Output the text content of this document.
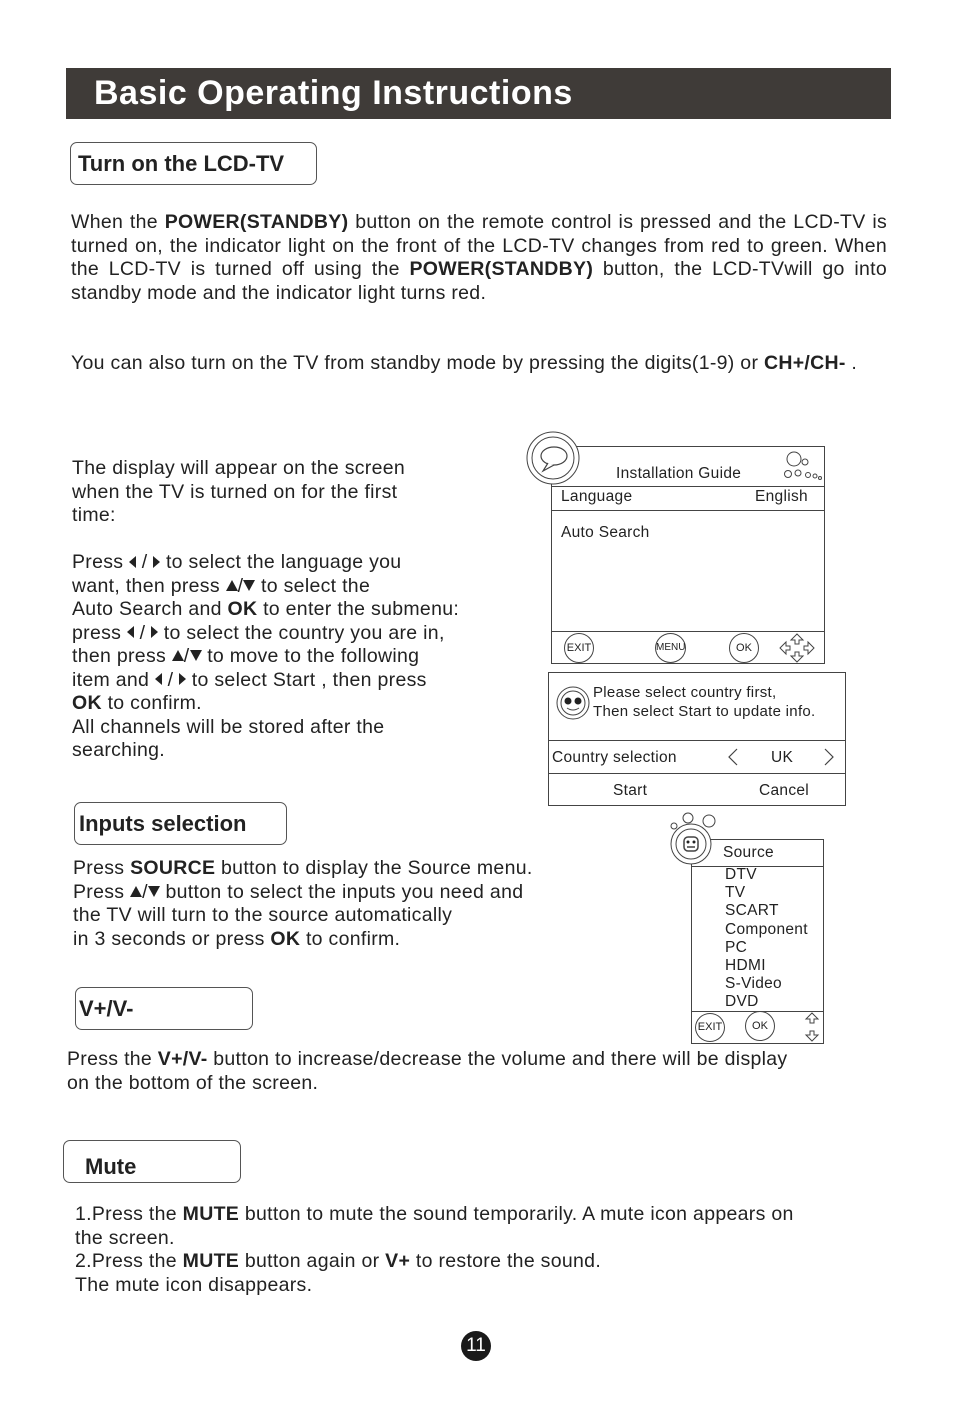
Basic Operating Instructions
Turn on the LCD-TV
When the POWER(STANDBY) button on the remote control is pressed and the LCD-TV is turned on, the indicator light on the front of the LCD-TV changes from red to green. When the LCD-TV is turned off using the POWER(STANDBY) button, the LCD-TVwill go into standby mode and the indicator light turns red.
You can also turn on the TV from standby mode by pressing the digits(1-9) or CH+/CH- .
The display will appear on the screen
when the TV is turned on for the first
time:
Press  /  to select the language you
want, then press / to select the
Auto Search and OK to enter the submenu:
press  /  to select the country you are in,
then press / to move to the following
item and  /  to select Start , then press
OK to confirm.
All channels will be stored after the
searching.
Installation Guide
Language	English
Auto Search
EXIT	MENU	OK
Please select country first,
Then select Start to update info.
Country selection	UK
Start	Cancel
Inputs selection
Press SOURCE button to display the Source menu.
Press / button to select the inputs you need and
the TV will turn to the source automatically
in 3 seconds or press OK to confirm.
Source
DTV
TV
SCART
Component
PC
HDMI
S-Video
DVD
EXIT	OK
V+/V-
Press the V+/V- button to increase/decrease the volume and there will be display
on the bottom of the screen.
Mute
1.Press the MUTE button to mute the sound temporarily. A mute icon appears on
the screen.
2.Press the MUTE button again or V+ to restore the sound.
The mute icon disappears.
11
